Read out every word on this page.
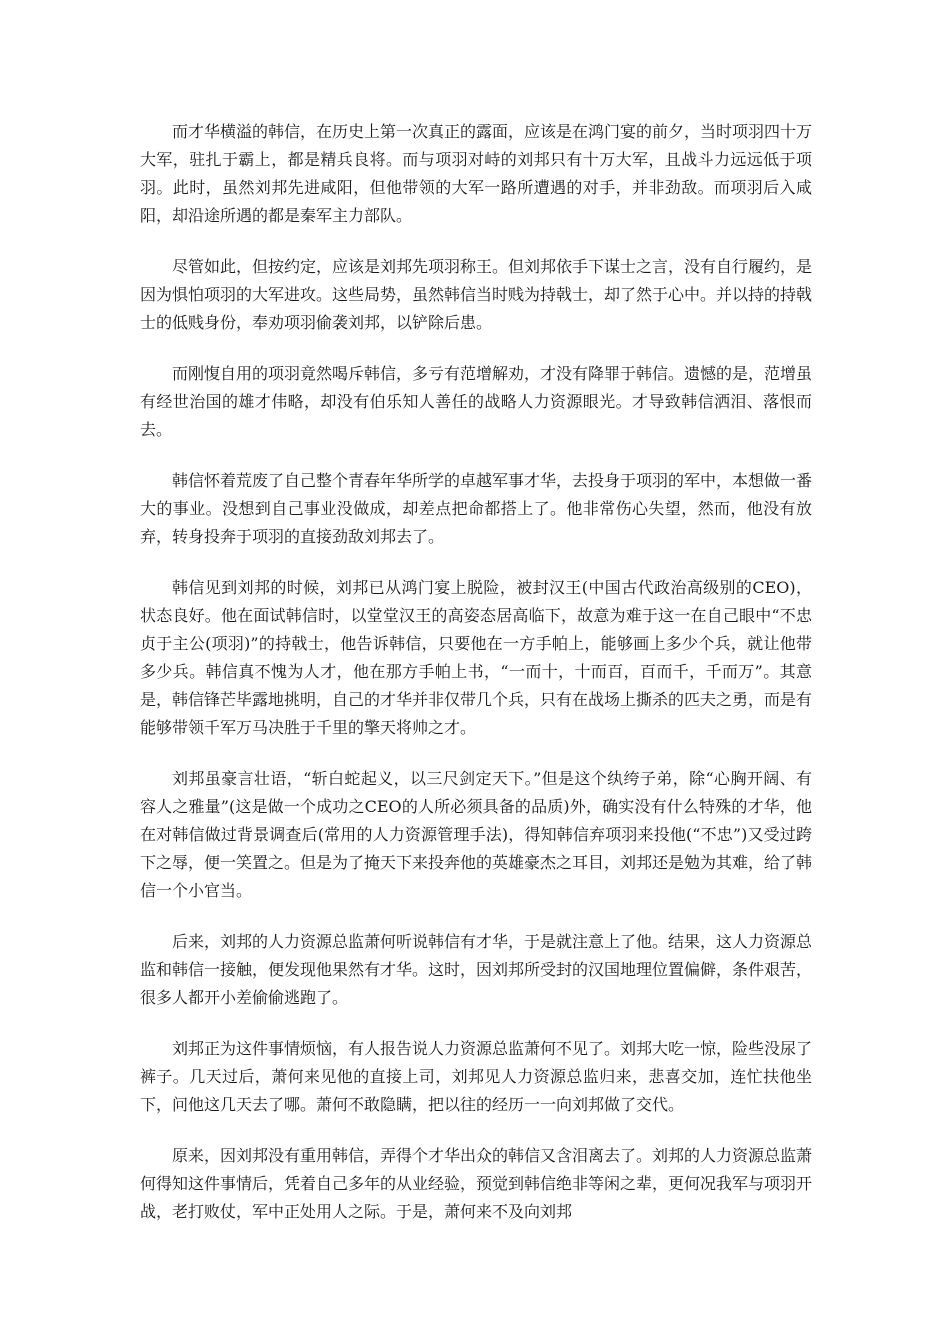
而才华横溢的韩信，在历史上第一次真正的露面，应该是在鸿门宴的前夕，当时项羽四十万大军，驻扎于霸上，都是精兵良将。而与项羽对峙的刘邦只有十万大军，且战斗力远远低于项羽。此时，虽然刘邦先进咸阳，但他带领的大军一路所遭遇的对手，并非劲敌。而项羽后入咸阳，却沿途所遇的都是秦军主力部队。

尽管如此，但按约定，应该是刘邦先项羽称王。但刘邦依手下谋士之言，没有自行履约，是因为惧怕项羽的大军进攻。这些局势，虽然韩信当时贱为持戟士，却了然于心中。并以持的持戟士的低贱身份，奉劝项羽偷袭刘邦，以铲除后患。

而刚愎自用的项羽竟然喝斥韩信，多亏有范增解劝，才没有降罪于韩信。遗憾的是，范增虽有经世治国的雄才伟略，却没有伯乐知人善任的战略人力资源眼光。才导致韩信洒泪、落恨而去。

韩信怀着荒废了自己整个青春年华所学的卓越军事才华，去投身于项羽的军中，本想做一番大的事业。没想到自己事业没做成，却差点把命都搭上了。他非常伤心失望，然而，他没有放弃，转身投奔于项羽的直接劲敌刘邦去了。

韩信见到刘邦的时候，刘邦已从鸿门宴上脱险，被封汉王(中国古代政治高级别的CEO)，状态良好。他在面试韩信时，以堂堂汉王的高姿态居高临下，故意为难于这一在自己眼中“不忠贞于主公(项羽)”的持戟士，他告诉韩信，只要他在一方手帕上，能够画上多少个兵，就让他带多少兵。韩信真不愧为人才，他在那方手帕上书，“一而十，十而百，百而千，千而万”。其意是，韩信锋芒毕露地挑明，自己的才华并非仅带几个兵，只有在战场上撕杀的匹夫之勇，而是有能够带领千军万马决胜于千里的擎天将帅之才。

刘邦虽豪言壮语，“斩白蛇起义，以三尺剑定天下。”但是这个纨绔子弟，除“心胸开阔、有容人之雅量”(这是做一个成功之CEO的人所必须具备的品质)外，确实没有什么特殊的才华，他在对韩信做过背景调查后(常用的人力资源管理手法)，得知韩信弃项羽来投他(“不忠”)又受过跨下之辱，便一笑置之。但是为了掩天下来投奔他的英雄豪杰之耳目，刘邦还是勉为其难，给了韩信一个小官当。

后来，刘邦的人力资源总监萧何听说韩信有才华，于是就注意上了他。结果，这人力资源总监和韩信一接触，便发现他果然有才华。这时，因刘邦所受封的汉国地理位置偏僻，条件艰苦，很多人都开小差偷偷逃跑了。

刘邦正为这件事情烦恼，有人报告说人力资源总监萧何不见了。刘邦大吃一惊，险些没尿了裤子。几天过后，萧何来见他的直接上司，刘邦见人力资源总监归来，悲喜交加，连忙扶他坐下，问他这几天去了哪。萧何不敢隐瞒，把以往的经历一一向刘邦做了交代。

原来，因刘邦没有重用韩信，弄得个才华出众的韩信又含泪离去了。刘邦的人力资源总监萧何得知这件事情后，凭着自己多年的从业经验，预觉到韩信绝非等闲之辈，更何况我军与项羽开战，老打败仗，军中正处用人之际。于是，萧何来不及向刘邦
